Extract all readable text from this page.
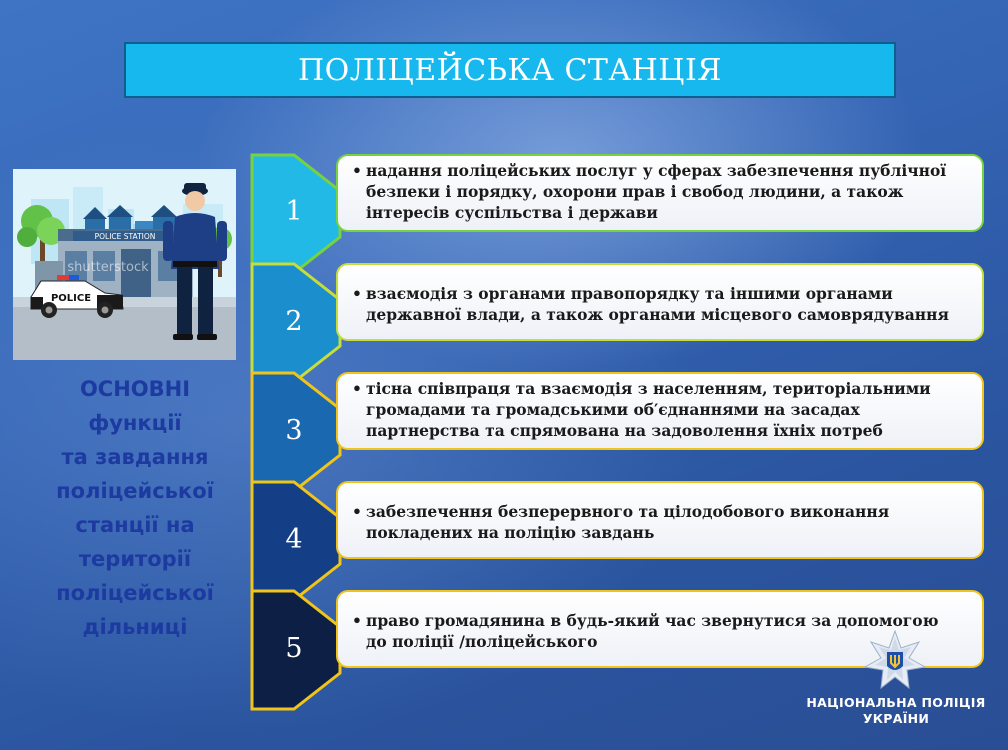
ПОЛІЦЕЙСЬКА СТАНЦІЯ
POLICE STATION
shutterstock
POLICE
ОСНОВНІ
функції
та завдання
поліцейської
станції на
території
поліцейської
дільниці
1
• надання поліцейських послуг у сферах забезпечення публічної
безпеки і порядку, охорони прав і свобод людини, а також
інтересів суспільства і держави
2
• взаємодія з органами правопорядку та іншими органами
державної влади, а також органами місцевого самоврядування
3
• тісна співпраця та взаємодія з населенням, територіальними
громадами та громадськими об′єднаннями на засадах
партнерства та спрямована на задоволення їхніх потреб
4
• забезпечення безперервного та цілодобового виконання
покладених на поліцію завдань
5
• право громадянина в будь-який час звернутися за допомогою
до поліції /поліцейського
НАЦІОНАЛЬНА ПОЛІЦІЯ
УКРАЇНИ
